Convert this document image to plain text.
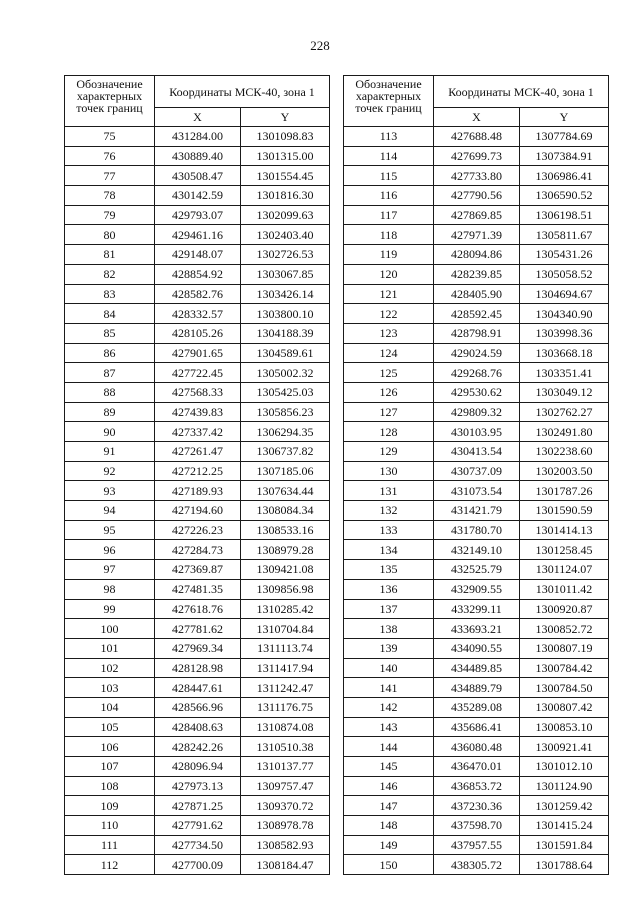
228
Обозначение
характерных
точек границ	Координаты МСК-40, зона 1	
	X	Y
75	431284.00	1301098.83
76	430889.40	1301315.00
77	430508.47	1301554.45
78	430142.59	1301816.30
79	429793.07	1302099.63
80	429461.16	1302403.40
81	429148.07	1302726.53
82	428854.92	1303067.85
83	428582.76	1303426.14
84	428332.57	1303800.10
85	428105.26	1304188.39
86	427901.65	1304589.61
87	427722.45	1305002.32
88	427568.33	1305425.03
89	427439.83	1305856.23
90	427337.42	1306294.35
91	427261.47	1306737.82
92	427212.25	1307185.06
93	427189.93	1307634.44
94	427194.60	1308084.34
95	427226.23	1308533.16
96	427284.73	1308979.28
97	427369.87	1309421.08
98	427481.35	1309856.98
99	427618.76	1310285.42
100	427781.62	1310704.84
101	427969.34	1311113.74
102	428128.98	1311417.94
103	428447.61	1311242.47
104	428566.96	1311176.75
105	428408.63	1310874.08
106	428242.26	1310510.38
107	428096.94	1310137.77
108	427973.13	1309757.47
109	427871.25	1309370.72
110	427791.62	1308978.78
111	427734.50	1308582.93
112	427700.09	1308184.47
Обозначение
характерных
точек границ	Координаты МСК-40, зона 1	
	X	Y
113	427688.48	1307784.69
114	427699.73	1307384.91
115	427733.80	1306986.41
116	427790.56	1306590.52
117	427869.85	1306198.51
118	427971.39	1305811.67
119	428094.86	1305431.26
120	428239.85	1305058.52
121	428405.90	1304694.67
122	428592.45	1304340.90
123	428798.91	1303998.36
124	429024.59	1303668.18
125	429268.76	1303351.41
126	429530.62	1303049.12
127	429809.32	1302762.27
128	430103.95	1302491.80
129	430413.54	1302238.60
130	430737.09	1302003.50
131	431073.54	1301787.26
132	431421.79	1301590.59
133	431780.70	1301414.13
134	432149.10	1301258.45
135	432525.79	1301124.07
136	432909.55	1301011.42
137	433299.11	1300920.87
138	433693.21	1300852.72
139	434090.55	1300807.19
140	434489.85	1300784.42
141	434889.79	1300784.50
142	435289.08	1300807.42
143	435686.41	1300853.10
144	436080.48	1300921.41
145	436470.01	1301012.10
146	436853.72	1301124.90
147	437230.36	1301259.42
148	437598.70	1301415.24
149	437957.55	1301591.84
150	438305.72	1301788.64
